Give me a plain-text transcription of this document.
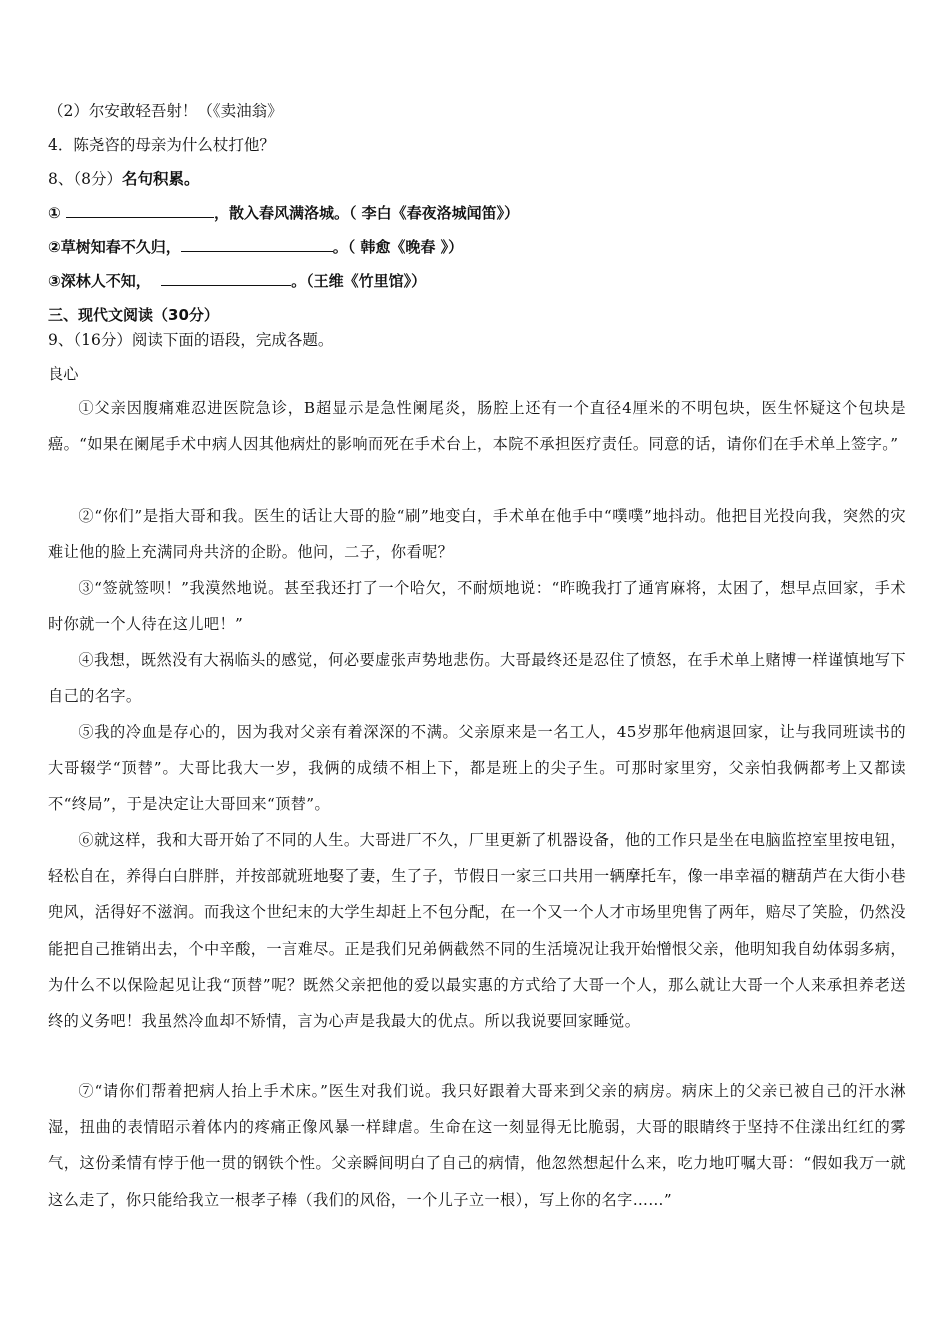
（2）尔安敢轻吾射！（《卖油翁》

4．陈尧咨的母亲为什么杖打他？

8、（8分）名句积累。

①	，散入春风满洛城。（ 李白《春夜洛城闻笛》）

②草树知春不久归，	。（ 韩愈《晚春 》）

③深林人不知，	。（王维《竹里馆》）

三、现代文阅读（30分）

9、（16分）阅读下面的语段，完成各题。

良心

①父亲因腹痛难忍进医院急诊，B超显示是急性阑尾炎，肠腔上还有一个直径4厘米的不明包块，医生怀疑这个包块是癌。“如果在阑尾手术中病人因其他病灶的影响而死在手术台上，本院不承担医疗责任。同意的话，请你们在手术单上签字。”

②“你们”是指大哥和我。医生的话让大哥的脸“刷”地变白，手术单在他手中“噗噗”地抖动。他把目光投向我，突然的灾难让他的脸上充满同舟共济的企盼。他问，二子，你看呢？

③“签就签呗！”我漠然地说。甚至我还打了一个哈欠，不耐烦地说：“昨晚我打了通宵麻将，太困了，想早点回家，手术时你就一个人待在这儿吧！”

④我想，既然没有大祸临头的感觉，何必要虚张声势地悲伤。大哥最终还是忍住了愤怒，在手术单上赌博一样谨慎地写下自己的名字。

⑤我的冷血是存心的，因为我对父亲有着深深的不满。父亲原来是一名工人，45岁那年他病退回家，让与我同班读书的大哥辍学“顶替”。大哥比我大一岁，我俩的成绩不相上下，都是班上的尖子生。可那时家里穷，父亲怕我俩都考上又都读不“终局”，于是决定让大哥回来“顶替”。

⑥就这样，我和大哥开始了不同的人生。大哥进厂不久，厂里更新了机器设备，他的工作只是坐在电脑监控室里按电钮，轻松自在，养得白白胖胖，并按部就班地娶了妻，生了子，节假日一家三口共用一辆摩托车，像一串幸福的糖葫芦在大街小巷兜风，活得好不滋润。而我这个世纪末的大学生却赶上不包分配，在一个又一个人才市场里兜售了两年，赔尽了笑脸，仍然没能把自己推销出去，个中辛酸，一言难尽。正是我们兄弟俩截然不同的生活境况让我开始憎恨父亲，他明知我自幼体弱多病，为什么不以保险起见让我“顶替”呢？既然父亲把他的爱以最实惠的方式给了大哥一个人，那么就让大哥一个人来承担养老送终的义务吧！我虽然冷血却不矫情，言为心声是我最大的优点。所以我说要回家睡觉。

⑦“请你们帮着把病人抬上手术床。”医生对我们说。我只好跟着大哥来到父亲的病房。病床上的父亲已被自己的汗水淋湿，扭曲的表情昭示着体内的疼痛正像风暴一样肆虐。生命在这一刻显得无比脆弱，大哥的眼睛终于坚持不住漾出红红的雾气，这份柔情有悖于他一贯的钢铁个性。父亲瞬间明白了自己的病情，他忽然想起什么来，吃力地叮嘱大哥：“假如我万一就这么走了，你只能给我立一根孝子棒（我们的风俗，一个儿子立一根），写上你的名字……”
